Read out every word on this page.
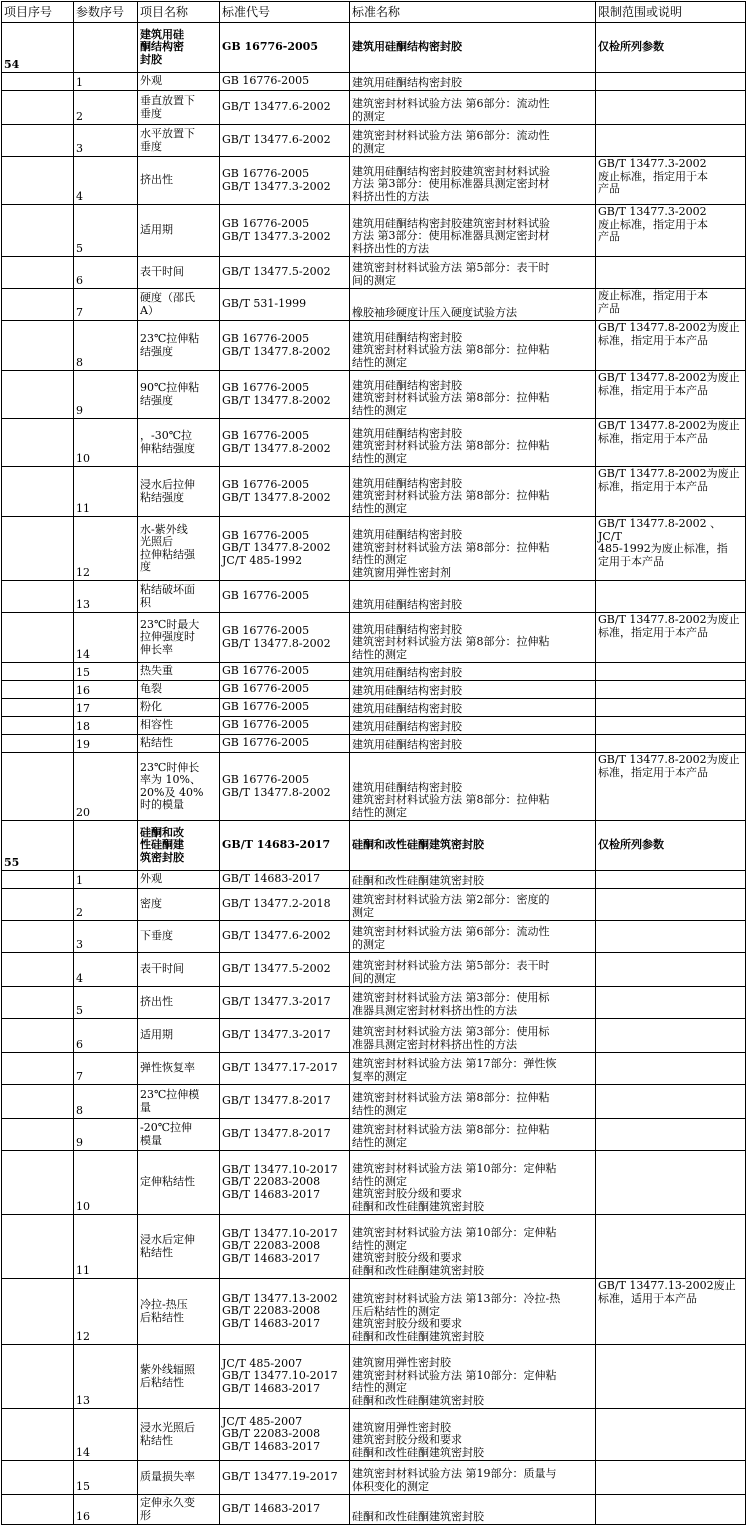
项目序号	参数序号	项目名称	标准代号	标准名称	限制范围或说明
54		建筑用硅
酮结构密
封胶	GB 16776-2005	建筑用硅酮结构密封胶	仅检所列参数
	1	外观	GB 16776-2005	建筑用硅酮结构密封胶	
	2	垂直放置下
垂度	GB/T 13477.6-2002	建筑密封材料试验方法 第6部分：流动性
的测定	
	3	水平放置下
垂度	GB/T 13477.6-2002	建筑密封材料试验方法 第6部分：流动性
的测定	
	4	挤出性	GB 16776-2005
GB/T 13477.3-2002	建筑用硅酮结构密封胶建筑密封材料试验
方法 第3部分：使用标准器具测定密封材
料挤出性的方法	GB/T 13477.3-2002
废止标准，指定用于本
产品
	5	适用期	GB 16776-2005
GB/T 13477.3-2002	建筑用硅酮结构密封胶建筑密封材料试验
方法 第3部分：使用标准器具测定密封材
料挤出性的方法	GB/T 13477.3-2002
废止标准，指定用于本
产品
	6	表干时间	GB/T 13477.5-2002	建筑密封材料试验方法 第5部分：表干时
间的测定	
	7	硬度（邵氏
A）	GB/T 531-1999	橡胶袖珍硬度计压入硬度试验方法	废止标准，指定用于本
产品
	8	23℃拉伸粘
结强度	GB 16776-2005
GB/T 13477.8-2002	建筑用硅酮结构密封胶
建筑密封材料试验方法 第8部分：拉伸粘
结性的测定	GB/T 13477.8-2002为废止
标准，指定用于本产品
	9	90℃拉伸粘
结强度	GB 16776-2005
GB/T 13477.8-2002	建筑用硅酮结构密封胶
建筑密封材料试验方法 第8部分：拉伸粘
结性的测定	GB/T 13477.8-2002为废止
标准，指定用于本产品
	10	，-30℃拉
伸粘结强度	GB 16776-2005
GB/T 13477.8-2002	建筑用硅酮结构密封胶
建筑密封材料试验方法 第8部分：拉伸粘
结性的测定	GB/T 13477.8-2002为废止
标准，指定用于本产品
	11	浸水后拉伸
粘结强度	GB 16776-2005
GB/T 13477.8-2002	建筑用硅酮结构密封胶
建筑密封材料试验方法 第8部分：拉伸粘
结性的测定	GB/T 13477.8-2002为废止
标准，指定用于本产品
	12	水-紫外线
光照后
拉伸粘结强
度	GB 16776-2005
GB/T 13477.8-2002
JC/T 485-1992	建筑用硅酮结构密封胶
建筑密封材料试验方法 第8部分：拉伸粘
结性的测定
建筑窗用弹性密封剂	GB/T 13477.8-2002 、JC/T
485-1992为废止标准，指
定用于本产品
	13	粘结破坏面
积	GB 16776-2005	建筑用硅酮结构密封胶	
	14	23℃时最大
拉伸强度时
伸长率	GB 16776-2005
GB/T 13477.8-2002	建筑用硅酮结构密封胶
建筑密封材料试验方法 第8部分：拉伸粘
结性的测定	GB/T 13477.8-2002为废止
标准，指定用于本产品
	15	热失重	GB 16776-2005	建筑用硅酮结构密封胶	
	16	龟裂	GB 16776-2005	建筑用硅酮结构密封胶	
	17	粉化	GB 16776-2005	建筑用硅酮结构密封胶	
	18	相容性	GB 16776-2005	建筑用硅酮结构密封胶	
	19	粘结性	GB 16776-2005	建筑用硅酮结构密封胶	
	20	23℃时伸长
率为 10%、
20%及 40%
时的模量	GB 16776-2005
GB/T 13477.8-2002	建筑用硅酮结构密封胶
建筑密封材料试验方法 第8部分：拉伸粘
结性的测定	GB/T 13477.8-2002为废止
标准，指定用于本产品
55		硅酮和改
性硅酮建
筑密封胶	GB/T 14683-2017	硅酮和改性硅酮建筑密封胶	仅检所列参数
	1	外观	GB/T 14683-2017	硅酮和改性硅酮建筑密封胶	
	2	密度	GB/T 13477.2-2018	建筑密封材料试验方法 第2部分：密度的
测定	
	3	下垂度	GB/T 13477.6-2002	建筑密封材料试验方法 第6部分：流动性
的测定	
	4	表干时间	GB/T 13477.5-2002	建筑密封材料试验方法 第5部分：表干时
间的测定	
	5	挤出性	GB/T 13477.3-2017	建筑密封材料试验方法 第3部分：使用标
准器具测定密封材料挤出性的方法	
	6	适用期	GB/T 13477.3-2017	建筑密封材料试验方法 第3部分：使用标
准器具测定密封材料挤出性的方法	
	7	弹性恢复率	GB/T 13477.17-2017	建筑密封材料试验方法 第17部分：弹性恢
复率的测定	
	8	23℃拉伸模
量	GB/T 13477.8-2017	建筑密封材料试验方法 第8部分：拉伸粘
结性的测定	
	9	-20℃拉伸
模量	GB/T 13477.8-2017	建筑密封材料试验方法 第8部分：拉伸粘
结性的测定	
	10	定伸粘结性	GB/T 13477.10-2017
GB/T 22083-2008
GB/T 14683-2017	建筑密封材料试验方法 第10部分：定伸粘
结性的测定
建筑密封胶分级和要求
硅酮和改性硅酮建筑密封胶	
	11	浸水后定伸
粘结性	GB/T 13477.10-2017
GB/T 22083-2008
GB/T 14683-2017	建筑密封材料试验方法 第10部分：定伸粘
结性的测定
建筑密封胶分级和要求
硅酮和改性硅酮建筑密封胶	
	12	冷拉-热压
后粘结性	GB/T 13477.13-2002
GB/T 22083-2008
GB/T 14683-2017	建筑密封材料试验方法 第13部分：冷拉-热
压后粘结性的测定
建筑密封胶分级和要求
硅酮和改性硅酮建筑密封胶	GB/T 13477.13-2002废止
标准，适用于本产品
	13	紫外线辐照
后粘结性	JC/T 485-2007
GB/T 13477.10-2017
GB/T 14683-2017	建筑窗用弹性密封胶
建筑密封材料试验方法 第10部分：定伸粘
结性的测定
硅酮和改性硅酮建筑密封胶	
	14	浸水光照后
粘结性	JC/T 485-2007
GB/T 22083-2008
GB/T 14683-2017	建筑窗用弹性密封胶
建筑密封胶分级和要求
硅酮和改性硅酮建筑密封胶	
	15	质量损失率	GB/T 13477.19-2017	建筑密封材料试验方法 第19部分：质量与
体积变化的测定	
	16	定伸永久变
形	GB/T 14683-2017	硅酮和改性硅酮建筑密封胶	
